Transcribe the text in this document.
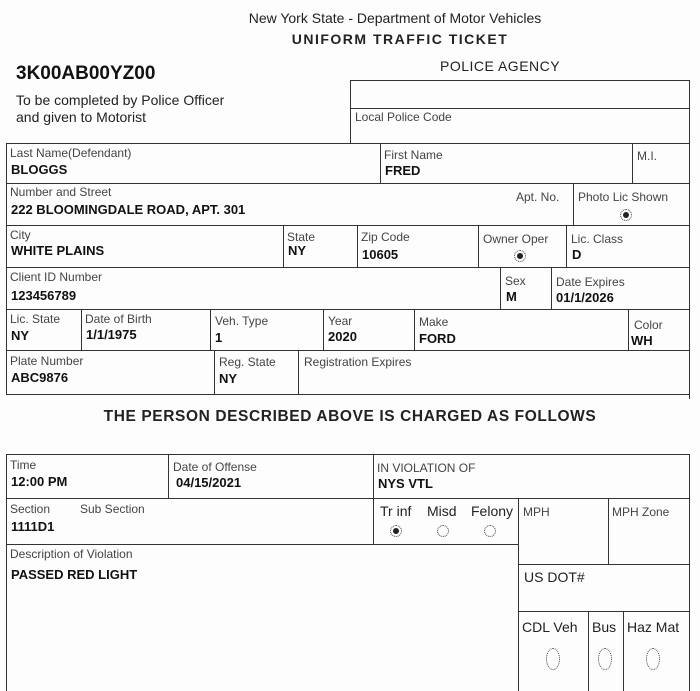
New York State - Department of Motor Vehicles
UNIFORM TRAFFIC TICKET
3K00AB00YZ00
To be completed by Police Officer
and given to Motorist
POLICE AGENCY
Local Police Code
Last Name(Defendant)
BLOGGS
First Name
FRED
M.I.
Number and Street
222 BLOOMINGDALE ROAD, APT. 301
Apt. No. Photo Lic Shown
City
WHITE PLAINS
State
NY
Zip Code
10605
Owner Oper Lic. Class
D
Client ID Number
123456789
Sex
M
Date Expires
01/1/2026
Lic. State
NY
Date of Birth
1/1/1975
Veh. Type
1
Year
2020
Make
FORD
Color
WH
Plate Number
ABC9876
Reg. State
NY
Registration Expires
THE PERSON DESCRIBED ABOVE IS CHARGED AS FOLLOWS
Time
12:00 PM
Date of Offense
04/15/2021
IN VIOLATION OF
NYS VTL
Section Sub Section
1111D1
Tr inf Misd Felony MPH	MPH Zone
Description of Violation
PASSED RED LIGHT	US DOT#
CDL Veh Bus Haz Mat
